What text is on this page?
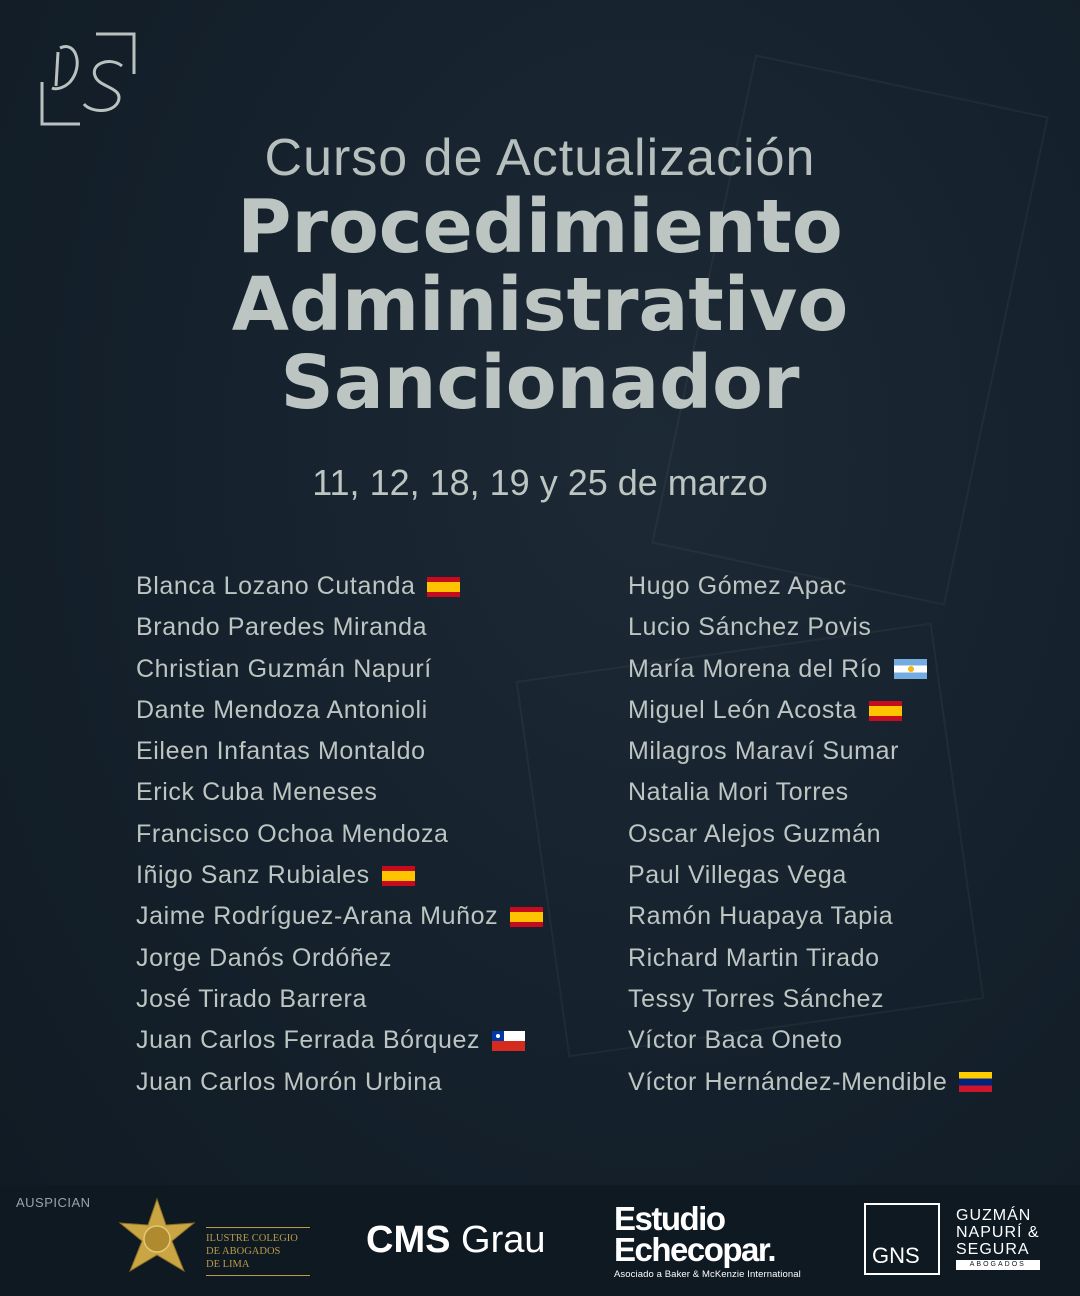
Curso de Actualización
Procedimiento
Administrativo
Sancionador
11, 12, 18, 19 y 25 de marzo
Blanca Lozano Cutanda
Brando Paredes Miranda
Christian Guzmán Napurí
Dante Mendoza Antonioli
Eileen Infantas Montaldo
Erick Cuba Meneses
Francisco Ochoa Mendoza
Iñigo Sanz Rubiales
Jaime Rodríguez-Arana Muñoz
Jorge Danós Ordóñez
José Tirado Barrera
Juan Carlos Ferrada Bórquez
Juan Carlos Morón Urbina
Hugo Gómez Apac
Lucio Sánchez Povis
María Morena del Río
Miguel León Acosta
Milagros Maraví Sumar
Natalia Mori Torres
Oscar Alejos Guzmán
Paul Villegas Vega
Ramón Huapaya Tapia
Richard Martin Tirado
Tessy Torres Sánchez
Víctor Baca Oneto
Víctor Hernández-Mendible
AUSPICIAN
ILUSTRE COLEGIO
DE ABOGADOS
DE LIMA
CMS Grau
Estudio
Echecopar.
Asociado a Baker & McKenzie International
GNS
GUZMÁN
NAPURÍ &
SEGURA
ABOGADOS
